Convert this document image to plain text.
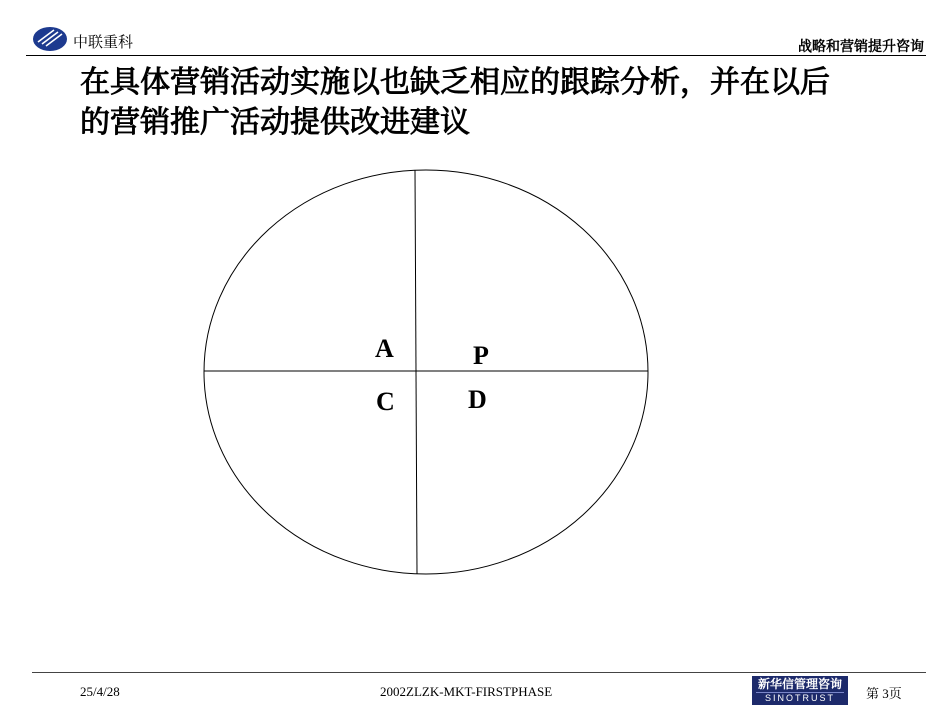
中联重科	战略和营销提升咨询
在具体营销活动实施以也缺乏相应的跟踪分析，并在以后
的营销推广活动提供改进建议
A	P
C	D
25/4/28	2002ZLZK-MKT-FIRSTPHASE	新华信管理咨询
SINOTRUST	第 3页
